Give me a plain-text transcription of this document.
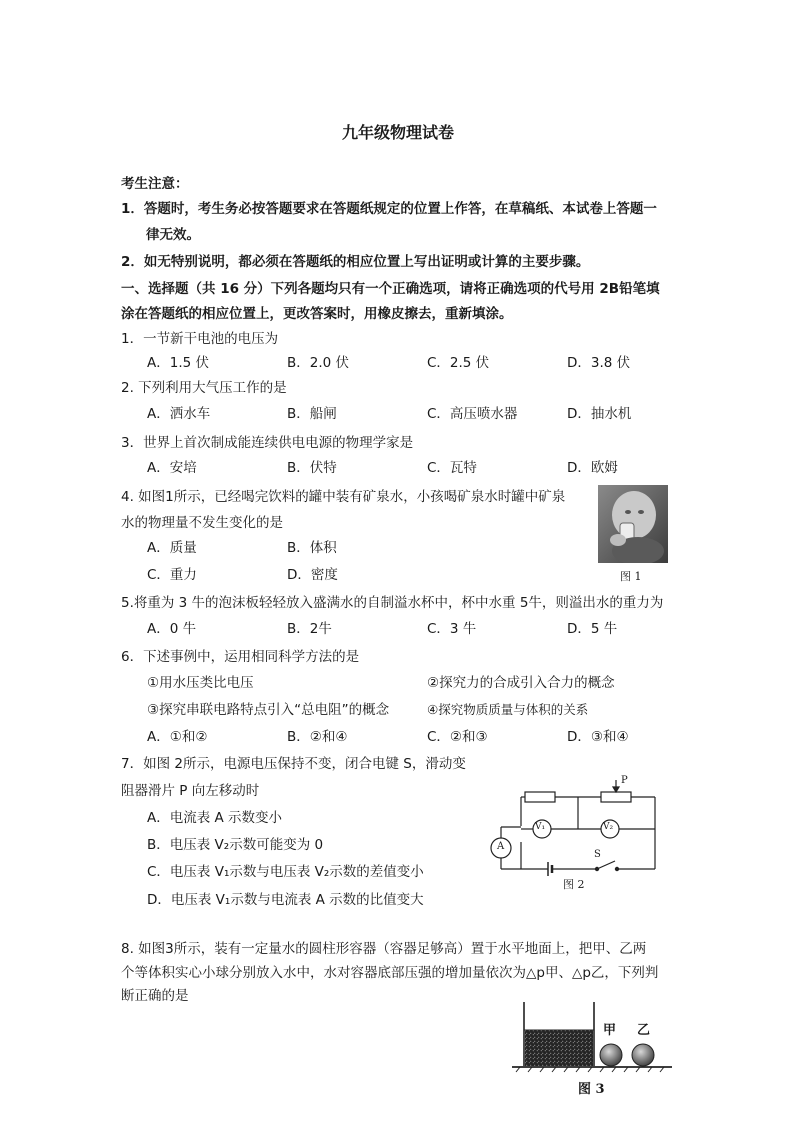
九年级物理试卷
考生注意：
1．答题时，考生务必按答题要求在答题纸规定的位置上作答，在草稿纸、本试卷上答题一
律无效。
2．如无特别说明，都必须在答题纸的相应位置上写出证明或计算的主要步骤。
一、选择题（共 16 分）下列各题均只有一个正确选项，请将正确选项的代号用 2B铅笔填
涂在答题纸的相应位置上，更改答案时，用橡皮擦去，重新填涂。
1．一节新干电池的电压为
A．1.5 伏	B．2.0 伏	C．2.5 伏	D．3.8 伏
2. 下列利用大气压工作的是
A．洒水车	B．船闸	C．高压喷水器	D．抽水机
3．世界上首次制成能连续供电电源的物理学家是
A．安培	B．伏特	C．瓦特	D．欧姆
4. 如图1所示，已经喝完饮料的罐中装有矿泉水，小孩喝矿泉水时罐中矿泉
水的物理量不发生变化的是
A．质量	B．体积
C．重力	D．密度	图 1
5.将重为 3 牛的泡沫板轻轻放入盛满水的自制溢水杯中，杯中水重 5牛，则溢出水的重力为
A．0 牛	B．2牛	C．3 牛	D．5 牛
6．下述事例中，运用相同科学方法的是
①用水压类比电压	②探究力的合成引入合力的概念
③探究串联电路特点引入“总电阻”的概念	④探究物质质量与体积的关系
A．①和②	B．②和④	C．②和③	D．③和④
7．如图 2所示，电源电压保持不变，闭合电键 S，滑动变
阻器滑片 P 向左移动时
A．电流表 A 示数变小
B．电压表 V₂示数可能变为 0
C．电压表 V₁示数与电压表 V₂示数的差值变小
D．电压表 V₁示数与电流表 A 示数的比值变大
P
V₁	V₂
A
S
图 2
8. 如图3所示，装有一定量水的圆柱形容器（容器足够高）置于水平地面上，把甲、乙两
个等体积实心小球分别放入水中，水对容器底部压强的增加量依次为△p甲、△p乙，下列判
断正确的是
甲 乙
图 3
